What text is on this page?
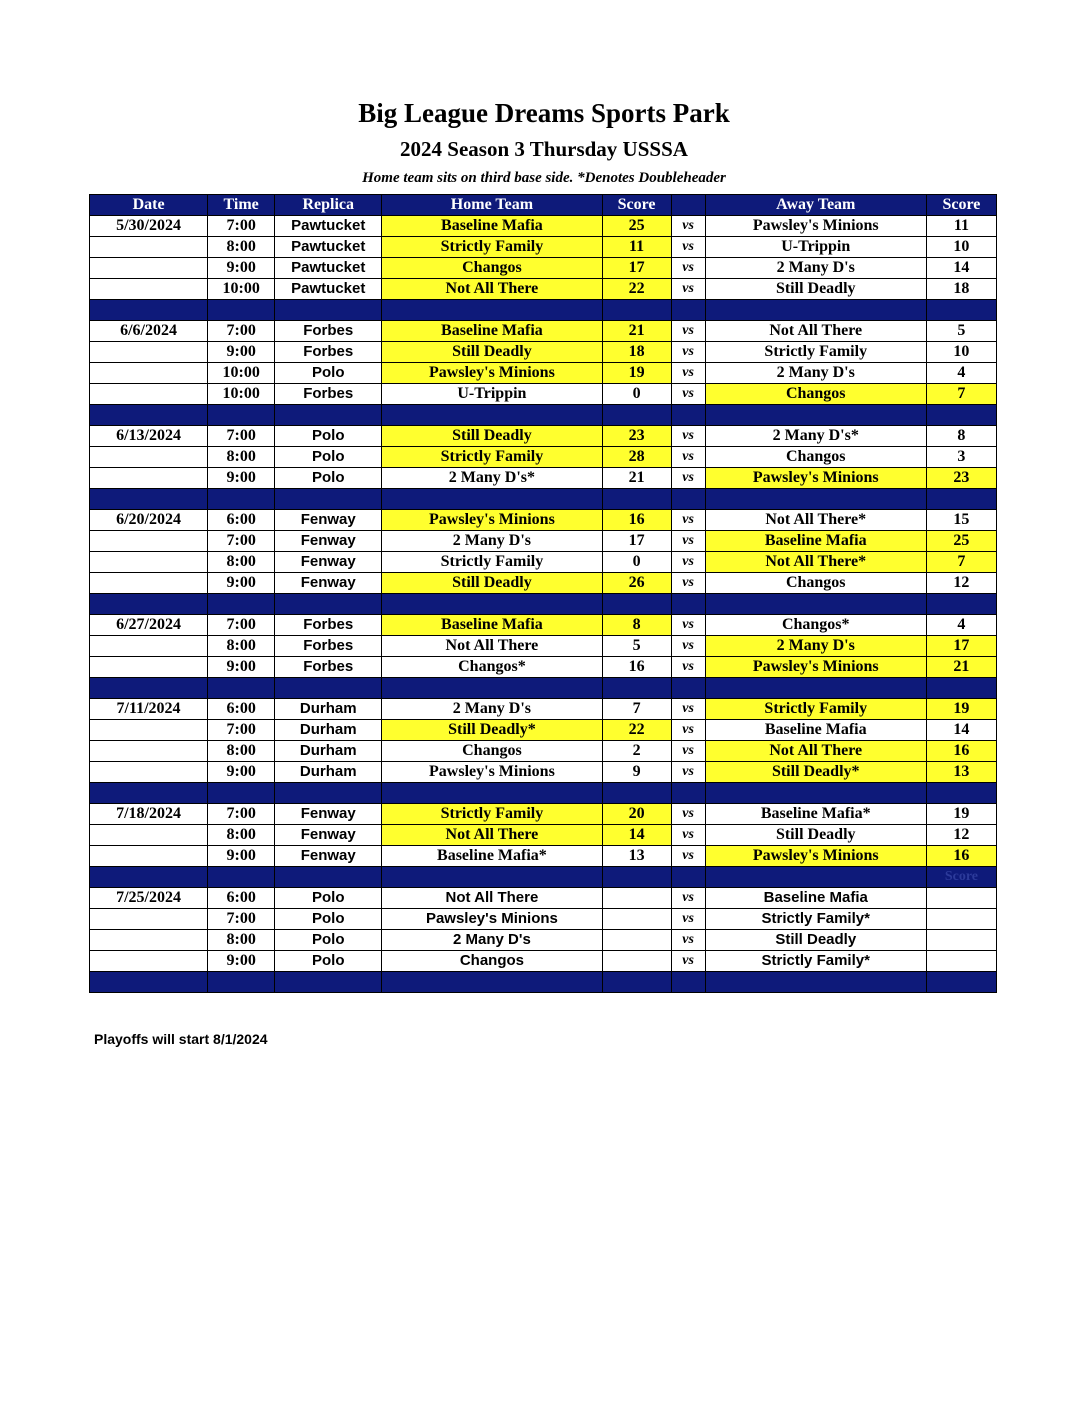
Big League Dreams Sports Park
2024 Season 3 Thursday USSSA
Home team sits on third base side. *Denotes Doubleheader
Date	Time	Replica	Home Team	Score		Away Team	Score
5/30/2024	7:00	Pawtucket	Baseline Mafia	25	vs	Pawsley's Minions	11
	8:00	Pawtucket	Strictly Family	11	vs	U-Trippin	10
	9:00	Pawtucket	Changos	17	vs	2 Many D's	14
	10:00	Pawtucket	Not All There	22	vs	Still Deadly	18

6/6/2024	7:00	Forbes	Baseline Mafia	21	vs	Not All There	5
	9:00	Forbes	Still Deadly	18	vs	Strictly Family	10
	10:00	Polo	Pawsley's Minions	19	vs	2 Many D's	4
	10:00	Forbes	U-Trippin	0	vs	Changos	7

6/13/2024	7:00	Polo	Still Deadly	23	vs	2 Many D's*	8
	8:00	Polo	Strictly Family	28	vs	Changos	3
	9:00	Polo	2 Many D's*	21	vs	Pawsley's Minions	23

6/20/2024	6:00	Fenway	Pawsley's Minions	16	vs	Not All There*	15
	7:00	Fenway	2 Many D's	17	vs	Baseline Mafia	25
	8:00	Fenway	Strictly Family	0	vs	Not All There*	7
	9:00	Fenway	Still Deadly	26	vs	Changos	12

6/27/2024	7:00	Forbes	Baseline Mafia	8	vs	Changos*	4
	8:00	Forbes	Not All There	5	vs	2 Many D's	17
	9:00	Forbes	Changos*	16	vs	Pawsley's Minions	21

7/11/2024	6:00	Durham	2 Many D's	7	vs	Strictly Family	19
	7:00	Durham	Still Deadly*	22	vs	Baseline Mafia	14
	8:00	Durham	Changos	2	vs	Not All There	16
	9:00	Durham	Pawsley's Minions	9	vs	Still Deadly*	13

7/18/2024	7:00	Fenway	Strictly Family	20	vs	Baseline Mafia*	19
	8:00	Fenway	Not All There	14	vs	Still Deadly	12
	9:00	Fenway	Baseline Mafia*	13	vs	Pawsley's Minions	16
							Score
7/25/2024	6:00	Polo	Not All There		vs	Baseline Mafia	
	7:00	Polo	Pawsley's Minions		vs	Strictly Family*	
	8:00	Polo	2 Many D's		vs	Still Deadly	
	9:00	Polo	Changos		vs	Strictly Family*	

Playoffs will start 8/1/2024
